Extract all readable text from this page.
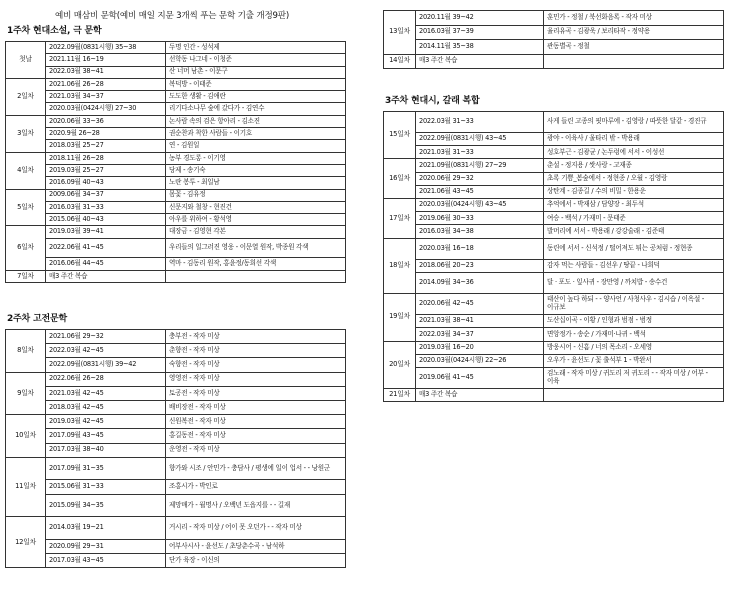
예비 매삼비 문학(예비 매일 지문 3개씩 푸는 문학 기출 개정9판)
1주차 현대소설, 극 문학
첫날	2022.09월(0831시행) 35~38	두명 인간 - 성석제
	2021.11월 16~19	선학동 나그네 - 이청준
	2022.03월 38~41	산 너머 남촌 - 이문구
2일차	2021.06월 26~28	복덕방 - 이태준
	2021.03월 34~37	도도한 생활 - 김애란
	2020.03월(0424시행) 27~30	리기다소나무 숲에 갔다가 - 김연수
3일차	2020.06월 33~36	논사람 속의 검은 항아리 - 김소진
	2020.9월 26~28	권순찬과 착한 사람들 - 이기호
	2018.03월 25~27	연 - 김원일
4일차	2018.11월 26~28	농부 경도롱 - 이기영
	2019.03월 25~27	당제 - 송기숙
	2016.09월 40~43	노란 봉투 - 최일남
5일차	2009.06월 34~37	몸꽃 - 김유정
	2016.03월 31~33	신문지와 철창 - 현진건
	2015.06월 40~43	아우를 위하여 - 황석영
6일차	2019.03월 39~41	대장금 - 김영현 각본
	2022.06월 41~45	우리들의 일그러진 영웅 - 이문열 원작, 박종원 각색
	2016.06월 44~45	역마 - 김동리 원작, 홍윤정/동희선 각색
7일차	매3 주간 복습	
2주차 고전문학
8일차	2021.06월 29~32	충부전 - 작자 미상
	2022.03월 42~45	춘향전 - 작자 미상
	2022.09월(0831시행) 39~42	숙향전 - 작자 미상
9일차	2022.06월 26~28	영영전 - 작자 미상
	2021.03월 42~45	토공전 - 작자 미상
	2018.03월 42~45	배비장전 - 작자 미상
10일차	2019.03월 42~45	신원복전 - 작자 미상
	2017.09월 43~45	홍길동전 - 작자 미상
	2017.03월 38~40	운영전 - 작자 미상
11일차	2017.09월 31~35	향가와 시조 / 안민가 - 충담사 / 평생에 일이 업서 - - 낭원군
	2015.06월 31~33	조홍시가 - 박인로
	2015.09월 34~35	제망매가 - 월명사 / 오백년 도읍지를 - - 길재
12일차	2014.03월 19~21	거시리 - 작자 미상 / 어이 못 오던가 - - 작자 미상
	2020.09월 29~31	어부사시사 - 윤선도 / 초당춘수곡 - 남석하
	2017.03월 43~45	단가 육장 - 이신의
13일차	2020.11월 39~42	훈민가 - 정철 / 북선화음록 - 작자 미상
	2016.03월 37~39	율리유곡 - 김광욱 / 보리타작 - 정약용
	2014.11월 35~38	관동별곡 - 정철
14일차	매3 주간 복습	
3주차 현대시, 갈래 복합
15일차	2022.03월 31~33	사게 들린 고종의 핏마루에 - 김영랑 / 따뜻한 달같 - 경진규
	2022.09월(0831시행) 43~45	광야 - 이육사 / 울타리 밖 - 박용래
	2021.03월 31~33	성호부근 - 김광균 / 논두렁에 서서 - 이성선
16일차	2021.09월(0831시행) 27~29	춘설 - 정지용 / 쌋사랑 - 고재종
	2020.06월 29~32	초록 기쁨_봄숲에서 - 정현종 / 오월 - 김영랑
	2021.06월 43~45	상탄계 - 김종길 / 수의 비밀 - 한용운
17일차	2020.03월(0424시행) 43~45	추억에서 - 박재삼 / 담양장 - 최두석
	2019.06월 30~33	여승 - 백석 / 가재미 - 문태준
	2016.03월 34~38	발머리에 서서 - 박용래 / 강강술래 - 김준태
18일차	2020.03월 16~18	동린에 서서 - 신석정 / 떨어져도 튀는 공처럼 - 정현종
	2018.06월 20~23	감자 먹는 사람들 - 김선우 / 땅끝 - 나희덕
	2014.09월 34~36	달 · 포도 · 잎사귀 - 장만영 / 까치밥 - 송수건
19일차	2020.06월 42~45	태산이 높다 하되 - - 양사언 / 사청사우 - 김시습 / 이옥설 - 이규보
	2021.03월 38~41	도산십이곡 - 이황 / 인형과 범점 - 범정
	2022.03월 34~37	면앙정가 - 송순 / 가재미·나귀 - 백석
20일차	2019.03월 16~20	방웅시어 - 신흠 / 너의 목소리 - 오세영
	2020.03월(0424시행) 22~26	오우가 - 윤선도 / 꽃 출석부 1 - 박완서
	2019.06월 41~45	검노래 - 작자 미상 / 귀도리 저 귀도리 - - 작자 미상 / 어부 - 이육
21일차	매3 주간 복습	
